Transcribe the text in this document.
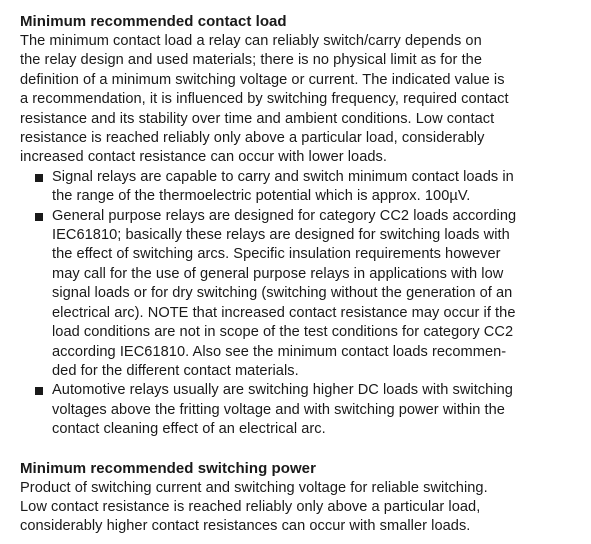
Minimum recommended contact load

The minimum contact load a relay can reliably switch/carry depends on
the relay design and used materials; there is no physical limit as for the
definition of a minimum switching voltage or current. The indicated value is
a recommendation, it is influenced by switching frequency, required contact
resistance and its stability over time and ambient conditions. Low contact
resistance is reached reliably only above a particular load, considerably
increased contact resistance can occur with lower loads.

Signal relays are capable to carry and switch minimum contact loads in
the range of the thermoelectric potential which is approx. 100µV.
General purpose relays are designed for category CC2 loads according
IEC61810; basically these relays are designed for switching loads with
the effect of switching arcs. Specific insulation requirements however
may call for the use of general purpose relays in applications with low
signal loads or for dry switching (switching without the generation of an
electrical arc). NOTE that increased contact resistance may occur if the
load conditions are not in scope of the test conditions for category CC2
according IEC61810. Also see the minimum contact loads recommen-
ded for the different contact materials.
Automotive relays usually are switching higher DC loads with switching
voltages above the fritting voltage and with switching power within the
contact cleaning effect of an electrical arc.
Minimum recommended switching power

Product of switching current and switching voltage for reliable switching.
Low contact resistance is reached reliably only above a particular load,
considerably higher contact resistances can occur with smaller loads.
